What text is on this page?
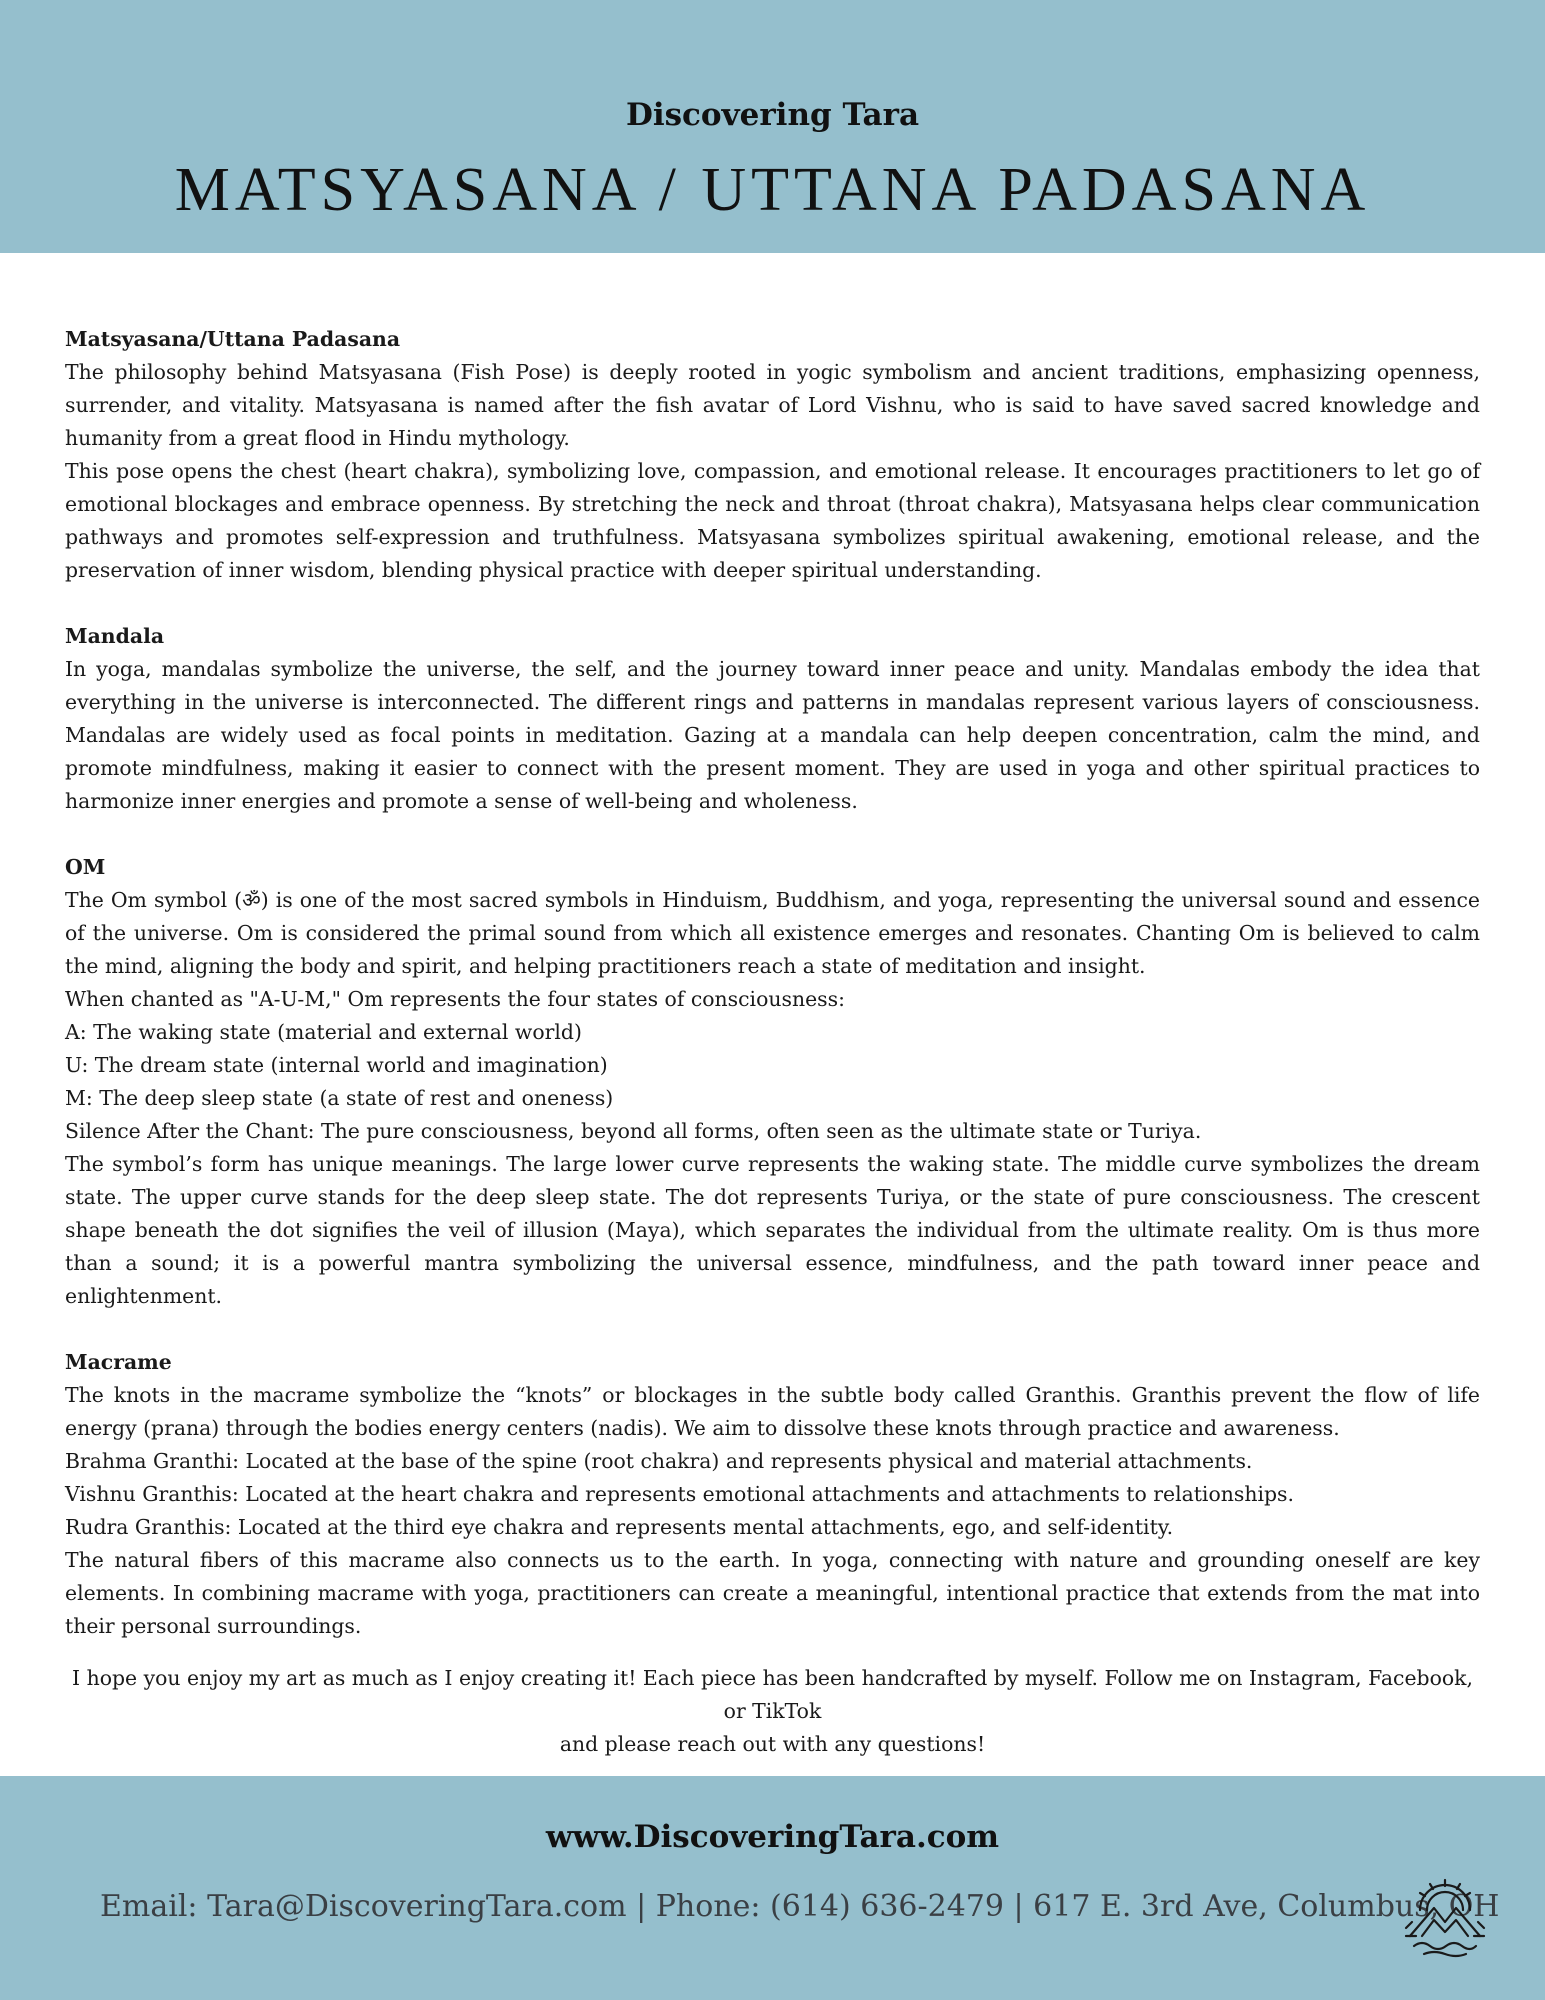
Discovering Tara
MATSYASANA / UTTANA PADASANA

Matsyasana/Uttana Padasana

The philosophy behind Matsyasana (Fish Pose) is deeply rooted in yogic symbolism and ancient traditions, emphasizing openness, surrender, and vitality. Matsyasana is named after the fish avatar of Lord Vishnu, who is said to have saved sacred knowledge and humanity from a great flood in Hindu mythology.

This pose opens the chest (heart chakra), symbolizing love, compassion, and emotional release. It encourages practitioners to let go of emotional blockages and embrace openness. By stretching the neck and throat (throat chakra), Matsyasana helps clear communication pathways and promotes self-expression and truthfulness. Matsyasana symbolizes spiritual awakening, emotional release, and the preservation of inner wisdom, blending physical practice with deeper spiritual understanding.

Mandala

In yoga, mandalas symbolize the universe, the self, and the journey toward inner peace and unity. Mandalas embody the idea that everything in the universe is interconnected. The different rings and patterns in mandalas represent various layers of consciousness. Mandalas are widely used as focal points in meditation. Gazing at a mandala can help deepen concentration, calm the mind, and promote mindfulness, making it easier to connect with the present moment. They are used in yoga and other spiritual practices to harmonize inner energies and promote a sense of well-being and wholeness.

OM

The Om symbol (ॐ) is one of the most sacred symbols in Hinduism, Buddhism, and yoga, representing the universal sound and essence of the universe. Om is considered the primal sound from which all existence emerges and resonates. Chanting Om is believed to calm the mind, aligning the body and spirit, and helping practitioners reach a state of meditation and insight.

When chanted as "A-U-M," Om represents the four states of consciousness:

A: The waking state (material and external world)

U: The dream state (internal world and imagination)

M: The deep sleep state (a state of rest and oneness)

Silence After the Chant: The pure consciousness, beyond all forms, often seen as the ultimate state or Turiya.

The symbol’s form has unique meanings. The large lower curve represents the waking state. The middle curve symbolizes the dream state. The upper curve stands for the deep sleep state. The dot represents Turiya, or the state of pure consciousness. The crescent shape beneath the dot signifies the veil of illusion (Maya), which separates the individual from the ultimate reality. Om is thus more than a sound; it is a powerful mantra symbolizing the universal essence, mindfulness, and the path toward inner peace and enlightenment.

Macrame

The knots in the macrame symbolize the “knots” or blockages in the subtle body called Granthis. Granthis prevent the flow of life energy (prana) through the bodies energy centers (nadis). We aim to dissolve these knots through practice and awareness.

Brahma Granthi: Located at the base of the spine (root chakra) and represents physical and material attachments.

Vishnu Granthis: Located at the heart chakra and represents emotional attachments and attachments to relationships.

Rudra Granthis: Located at the third eye chakra and represents mental attachments, ego, and self-identity.

The natural fibers of this macrame also connects us to the earth. In yoga, connecting with nature and grounding oneself are key elements. In combining macrame with yoga, practitioners can create a meaningful, intentional practice that extends from the mat into their personal surroundings.

I hope you enjoy my art as much as I enjoy creating it! Each piece has been handcrafted by myself. Follow me on Instagram, Facebook, or TikTok

and please reach out with any questions!

www.DiscoveringTara.com
Email: Tara@DiscoveringTara.com | Phone: (614) 636-2479 | 617 E. 3rd Ave, Columbus, OH
